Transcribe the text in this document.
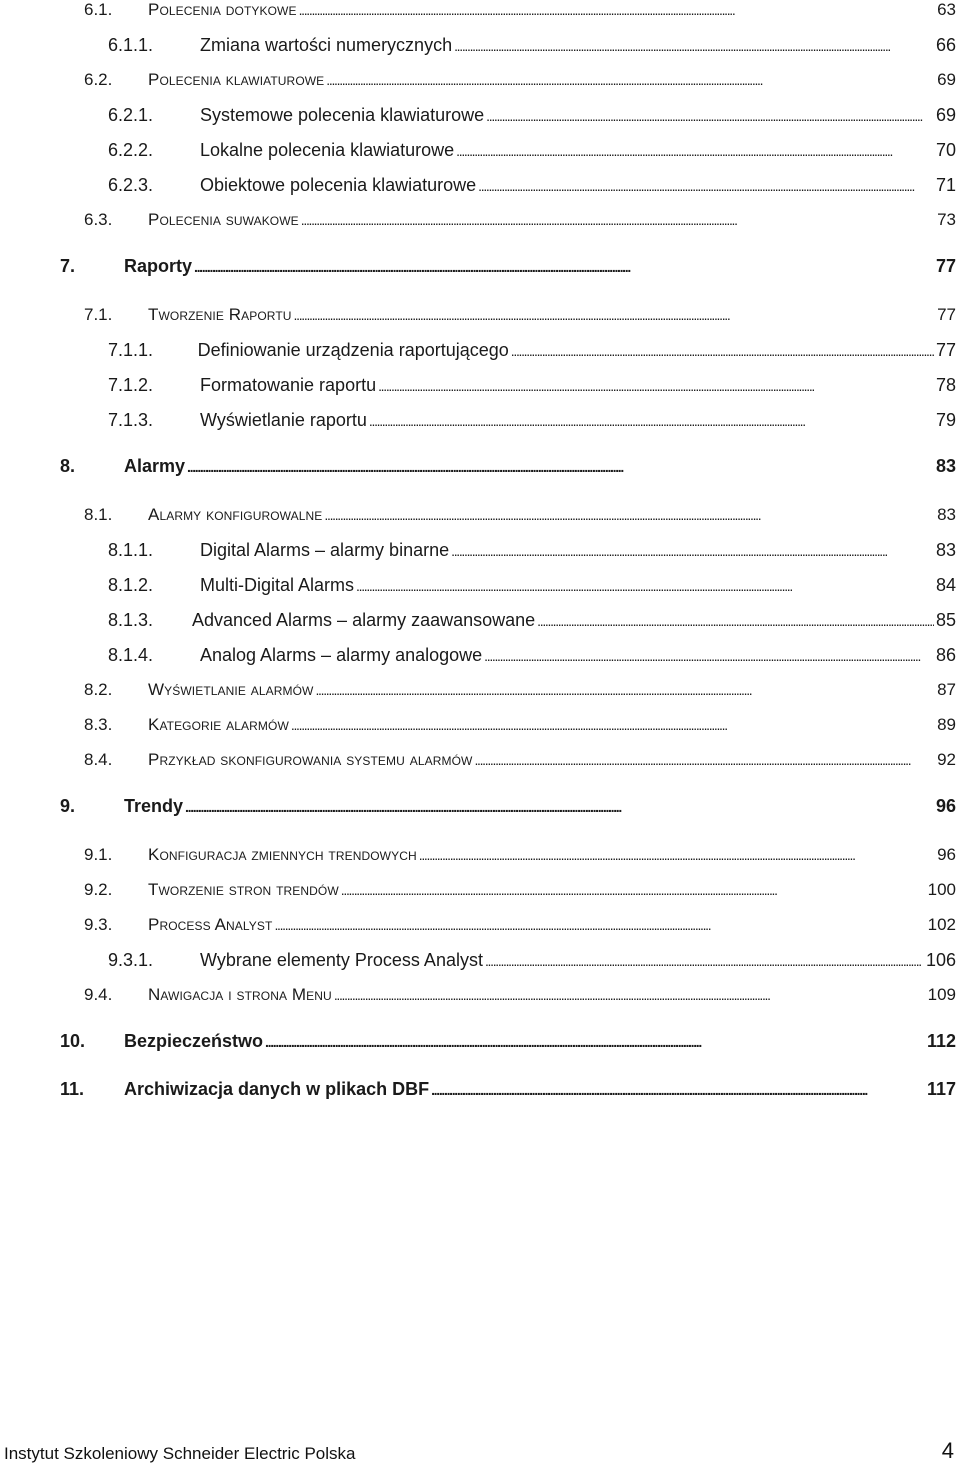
6.1.	Polecenia dotykowe . . .	63
6.1.1.	Zmiana wartości numerycznych . . .	66
6.2.	Polecenia klawiaturowe . . .	69
6.2.1.	Systemowe polecenia klawiaturowe . . .	69
6.2.2.	Lokalne polecenia klawiaturowe . . .	70
6.2.3.	Obiektowe polecenia klawiaturowe . . .	71
6.3.	Polecenia suwakowe . . .	73
7.	Raporty . . .	77
7.1.	Tworzenie Raportu . . .	77
7.1.1.	Definiowanie urządzenia raportującego . . .	77
7.1.2.	Formatowanie raportu . . .	78
7.1.3.	Wyświetlanie raportu . . .	79
8.	Alarmy . . .	83
8.1.	Alarmy konfigurowalne . . .	83
8.1.1.	Digital Alarms – alarmy binarne . . .	83
8.1.2.	Multi-Digital Alarms . . .	84
8.1.3.	Advanced Alarms – alarmy zaawansowane . . .	85
8.1.4.	Analog Alarms – alarmy analogowe . . .	86
8.2.	Wyświetlanie alarmów . . .	87
8.3.	Kategorie alarmów . . .	89
8.4.	Przykład skonfigurowania systemu alarmów . . .	92
9.	Trendy . . .	96
9.1.	Konfiguracja zmiennych trendowych . . .	96
9.2.	Tworzenie stron trendów . . .	100
9.3.	Process Analyst . . .	102
9.3.1.	Wybrane elementy Process Analyst . . .	106
9.4.	Nawigacja i strona Menu . . .	109
10.	Bezpieczeństwo . . .	112
11.	Archiwizacja danych w plikach DBF . . .	117
Instytut Szkoleniowy Schneider Electric Polska	4
